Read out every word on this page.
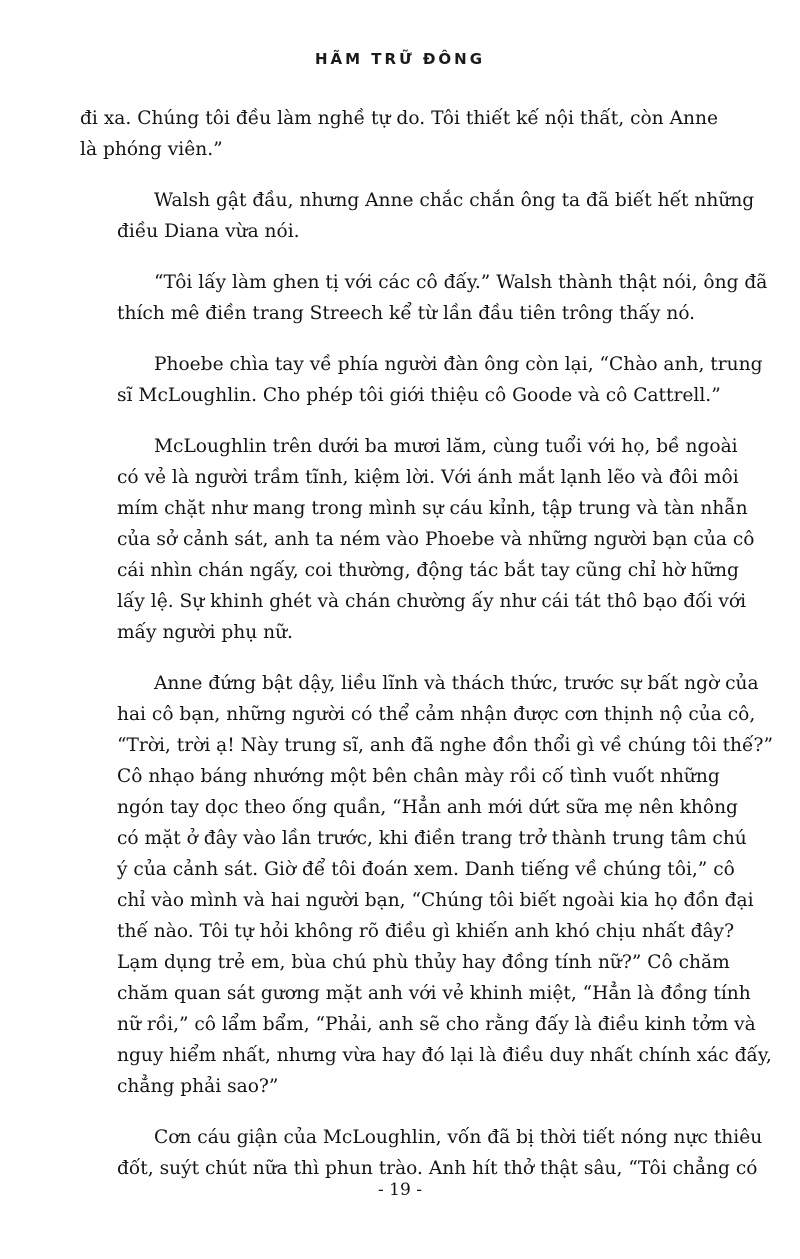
HÃM TRỮ ĐÔNG

đi xa. Chúng tôi đều làm nghề tự do. Tôi thiết kế nội thất, còn Anne
là phóng viên.”

Walsh gật đầu, nhưng Anne chắc chắn ông ta đã biết hết những
điều Diana vừa nói.

“Tôi lấy làm ghen tị với các cô đấy.” Walsh thành thật nói, ông đã
thích mê điền trang Streech kể từ lần đầu tiên trông thấy nó.

Phoebe chìa tay về phía người đàn ông còn lại, “Chào anh, trung
sĩ McLoughlin. Cho phép tôi giới thiệu cô Goode và cô Cattrell.”

McLoughlin trên dưới ba mươi lăm, cùng tuổi với họ, bề ngoài
có vẻ là người trầm tĩnh, kiệm lời. Với ánh mắt lạnh lẽo và đôi môi
mím chặt như mang trong mình sự cáu kỉnh, tập trung và tàn nhẫn
của sở cảnh sát, anh ta ném vào Phoebe và những người bạn của cô
cái nhìn chán ngấy, coi thường, động tác bắt tay cũng chỉ hờ hững
lấy lệ. Sự khinh ghét và chán chường ấy như cái tát thô bạo đối với
mấy người phụ nữ.

Anne đứng bật dậy, liều lĩnh và thách thức, trước sự bất ngờ của
hai cô bạn, những người có thể cảm nhận được cơn thịnh nộ của cô,
“Trời, trời ạ! Này trung sĩ, anh đã nghe đồn thổi gì về chúng tôi thế?”
Cô nhạo báng nhướng một bên chân mày rồi cố tình vuốt những
ngón tay dọc theo ống quần, “Hẳn anh mới dứt sữa mẹ nên không
có mặt ở đây vào lần trước, khi điền trang trở thành trung tâm chú
ý của cảnh sát. Giờ để tôi đoán xem. Danh tiếng về chúng tôi,” cô
chỉ vào mình và hai người bạn, “Chúng tôi biết ngoài kia họ đồn đại
thế nào. Tôi tự hỏi không rõ điều gì khiến anh khó chịu nhất đây?
Lạm dụng trẻ em, bùa chú phù thủy hay đồng tính nữ?” Cô chăm
chăm quan sát gương mặt anh với vẻ khinh miệt, “Hẳn là đồng tính
nữ rồi,” cô lẩm bẩm, “Phải, anh sẽ cho rằng đấy là điều kinh tởm và
nguy hiểm nhất, nhưng vừa hay đó lại là điều duy nhất chính xác đấy,
chẳng phải sao?”

Cơn cáu giận của McLoughlin, vốn đã bị thời tiết nóng nực thiêu
đốt, suýt chút nữa thì phun trào. Anh hít thở thật sâu, “Tôi chẳng có

- 19 -
